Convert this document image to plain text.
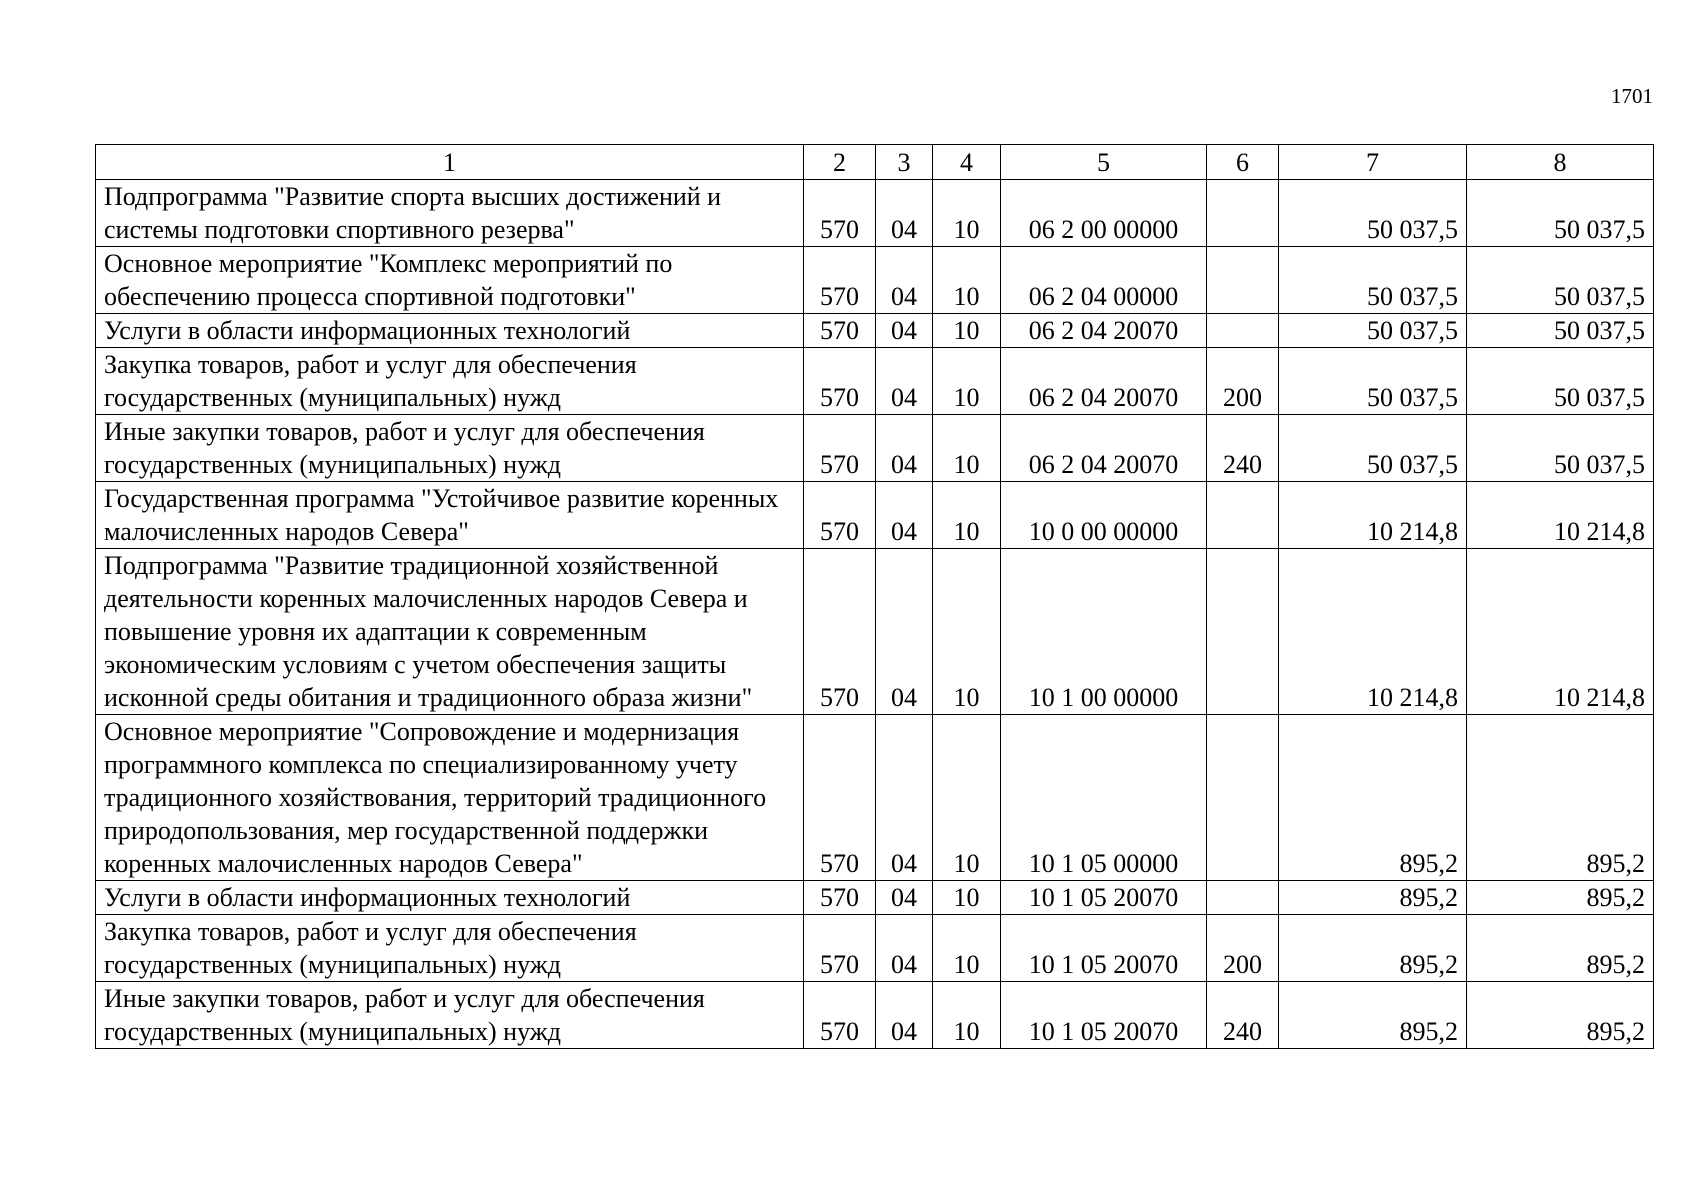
1701
1	2	3	4	5	6	7	8
Подпрограмма "Развитие спорта высших достижений и системы подготовки спортивного резерва"	570	04	10	06 2 00 00000		50 037,5	50 037,5
Основное мероприятие "Комплекс мероприятий по обеспечению процесса спортивной подготовки"	570	04	10	06 2 04 00000		50 037,5	50 037,5
Услуги в области информационных технологий	570	04	10	06 2 04 20070		50 037,5	50 037,5
Закупка товаров, работ и услуг для обеспечения государственных (муниципальных) нужд	570	04	10	06 2 04 20070	200	50 037,5	50 037,5
Иные закупки товаров, работ и услуг для обеспечения государственных (муниципальных) нужд	570	04	10	06 2 04 20070	240	50 037,5	50 037,5
Государственная программа "Устойчивое развитие коренных малочисленных народов Севера"	570	04	10	10 0 00 00000		10 214,8	10 214,8
Подпрограмма "Развитие традиционной хозяйственной деятельности коренных малочисленных народов Севера и повышение уровня их адаптации к современным экономическим условиям с учетом обеспечения защиты исконной среды обитания и традиционного образа жизни"	570	04	10	10 1 00 00000		10 214,8	10 214,8
Основное мероприятие "Сопровождение и модернизация программного комплекса по специализированному учету традиционного хозяйствования, территорий традиционного природопользования, мер государственной поддержки коренных малочисленных народов Севера"	570	04	10	10 1 05 00000		895,2	895,2
Услуги в области информационных технологий	570	04	10	10 1 05 20070		895,2	895,2
Закупка товаров, работ и услуг для обеспечения государственных (муниципальных) нужд	570	04	10	10 1 05 20070	200	895,2	895,2
Иные закупки товаров, работ и услуг для обеспечения государственных (муниципальных) нужд	570	04	10	10 1 05 20070	240	895,2	895,2
